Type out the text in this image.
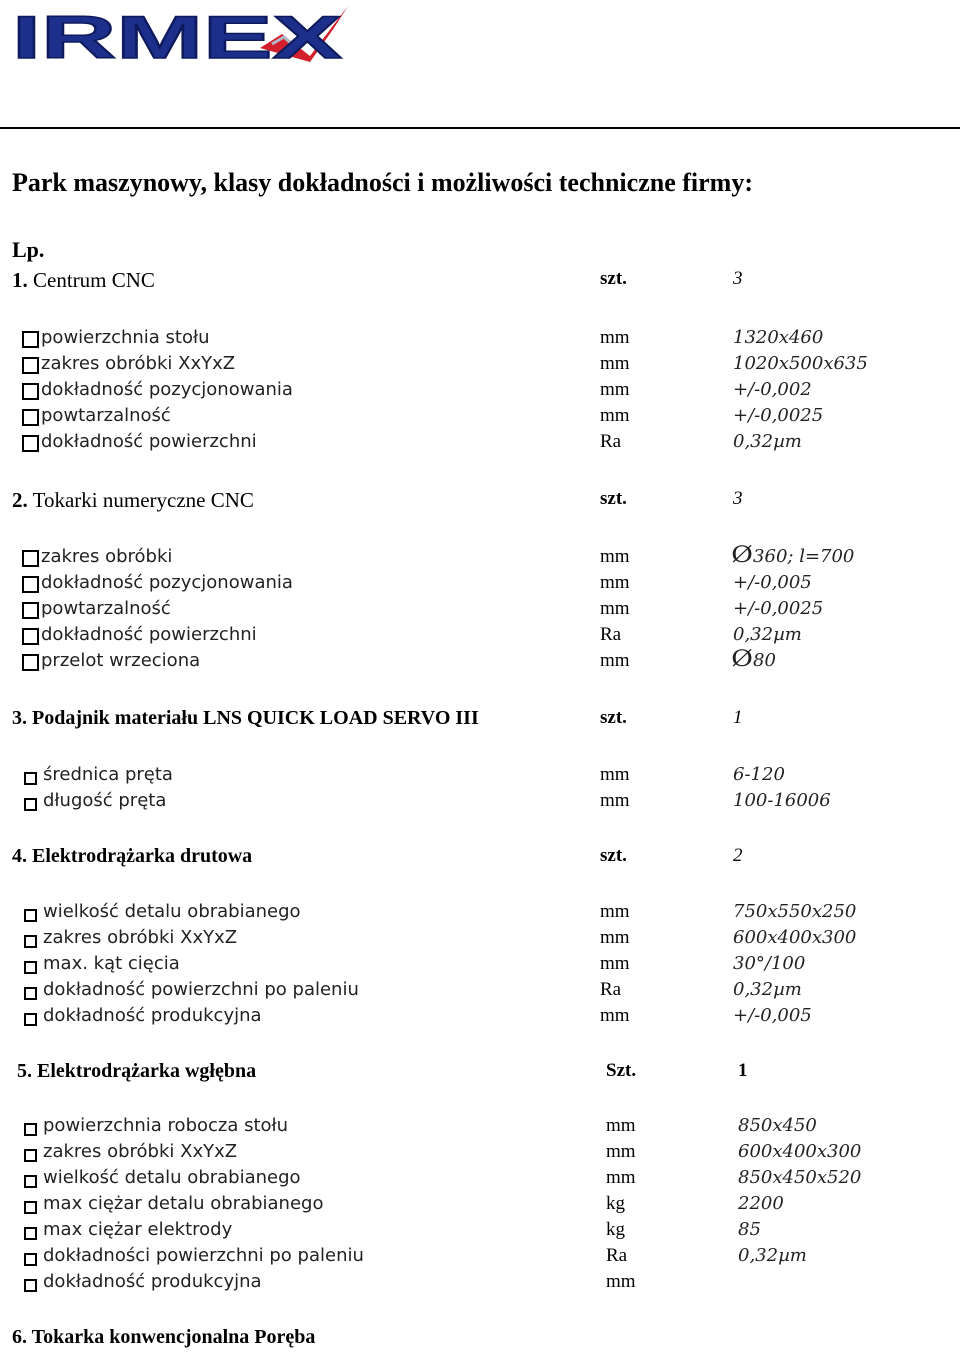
IRMEX
Park maszynowy, klasy dokładności i możliwości techniczne firmy:
Lp.
1. Centrum CNC	szt.	3
powierzchnia stołu	mm	1320x460
zakres obróbki XxYxZ	mm	1020x500x635
dokładność pozycjonowania	mm	+/-0,002
powtarzalność	mm	+/-0,0025
dokładność powierzchni	Ra	0,32µm
2. Tokarki numeryczne CNC	szt.	3
zakres obróbki	mm	Ø360; l=700
dokładność pozycjonowania	mm	+/-0,005
powtarzalność	mm	+/-0,0025
dokładność powierzchni	Ra	0,32µm
przelot wrzeciona	mm	Ø80
3. Podajnik materiału LNS QUICK LOAD SERVO III	szt.	1
średnica pręta	mm	6-120
długość pręta	mm	100-16006
4. Elektrodrążarka drutowa	szt.	2
wielkość detalu obrabianego	mm	750x550x250
zakres obróbki XxYxZ	mm	600x400x300
max. kąt cięcia	mm	30°/100
dokładność powierzchni po paleniu	Ra	0,32µm
dokładność produkcyjna	mm	+/-0,005
5. Elektrodrążarka wgłębna	Szt.	1
powierzchnia robocza stołu	mm	850x450
zakres obróbki XxYxZ	mm	600x400x300
wielkość detalu obrabianego	mm	850x450x520
max ciężar detalu obrabianego	kg	2200
max ciężar elektrody	kg	85
dokładności powierzchni po paleniu	Ra	0,32µm
dokładność produkcyjna	mm
6. Tokarka konwencjonalna Poręba
